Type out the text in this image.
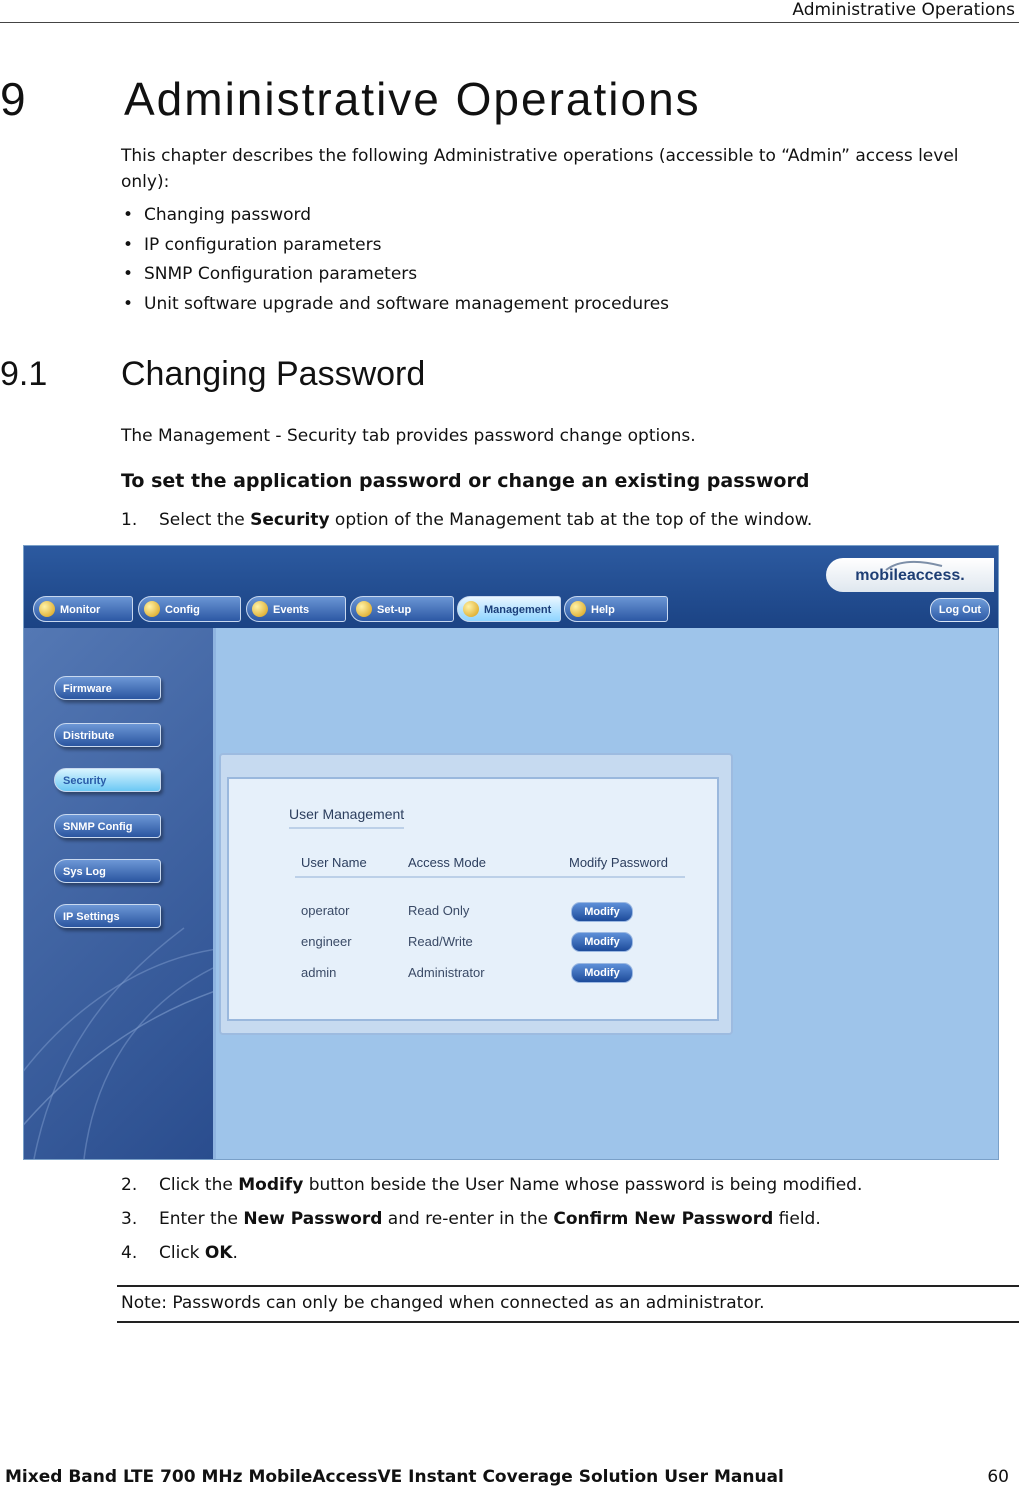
Administrative Operations
9 Administrative Operations
This chapter describes the following Administrative operations (accessible to “Admin” access level only):
• Changing password
• IP configuration parameters
• SNMP Configuration parameters
• Unit software upgrade and software management procedures
9.1 Changing Password
The Management - Security tab provides password change options.
To set the application password or change an existing password
1. Select the Security option of the Management tab at the top of the window.
mobileaccess.
Monitor	Config	Events	Set-up	Management	Help	Log Out
Firmware
Distribute
Security
SNMP Config
Sys Log
IP Settings
User Management
User Name	Access Mode	Modify Password
operator	Read Only	Modify
engineer	Read/Write	Modify
admin	Administrator	Modify
2. Click the Modify button beside the User Name whose password is being modified.
3. Enter the New Password and re-enter in the Confirm New Password field.
4. Click OK.
Note: Passwords can only be changed when connected as an administrator.
Mixed Band LTE 700 MHz MobileAccessVE Instant Coverage Solution User Manual	60
